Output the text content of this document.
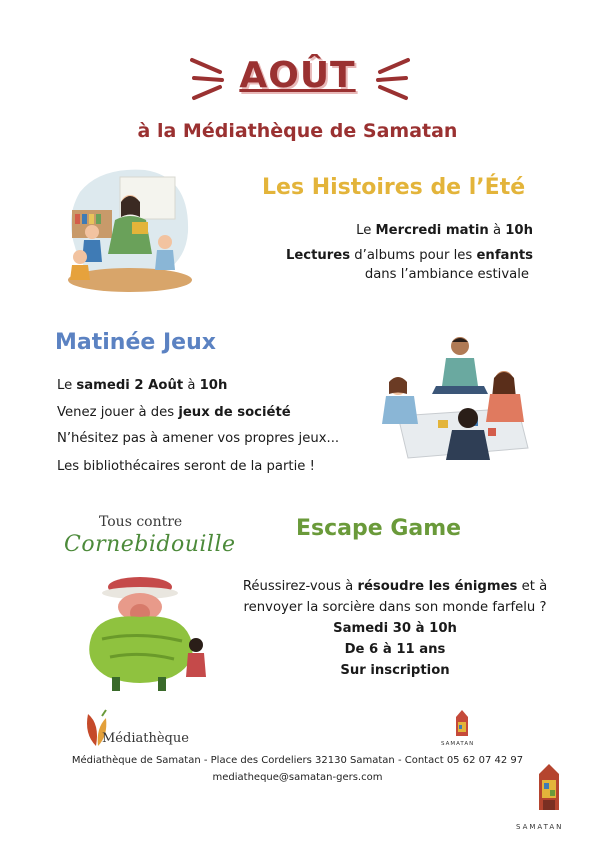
AOÛT
à la Médiathèque de Samatan
Les Histoires de l’Été
Le Mercredi matin à 10h
Lectures d’albums pour les enfants
dans l’ambiance estivale
Matinée Jeux
Le samedi 2 Août à 10h
Venez jouer à des jeux de société
N’hésitez pas à amener vos propres jeux...
Les bibliothécaires seront de la partie !
Tous contre
Cornebidouille
Escape Game
Réussirez-vous à résoudre les énigmes et à
renvoyer la sorcière dans son monde farfelu ?
Samedi 30 à 10h
De 6 à 11 ans
Sur inscription
Médiathèque	SAMATAN
Médiathèque de Samatan - Place des Cordeliers 32130 Samatan - Contact 05 62 07 42 97
mediatheque@samatan-gers.com
SAMATAN
